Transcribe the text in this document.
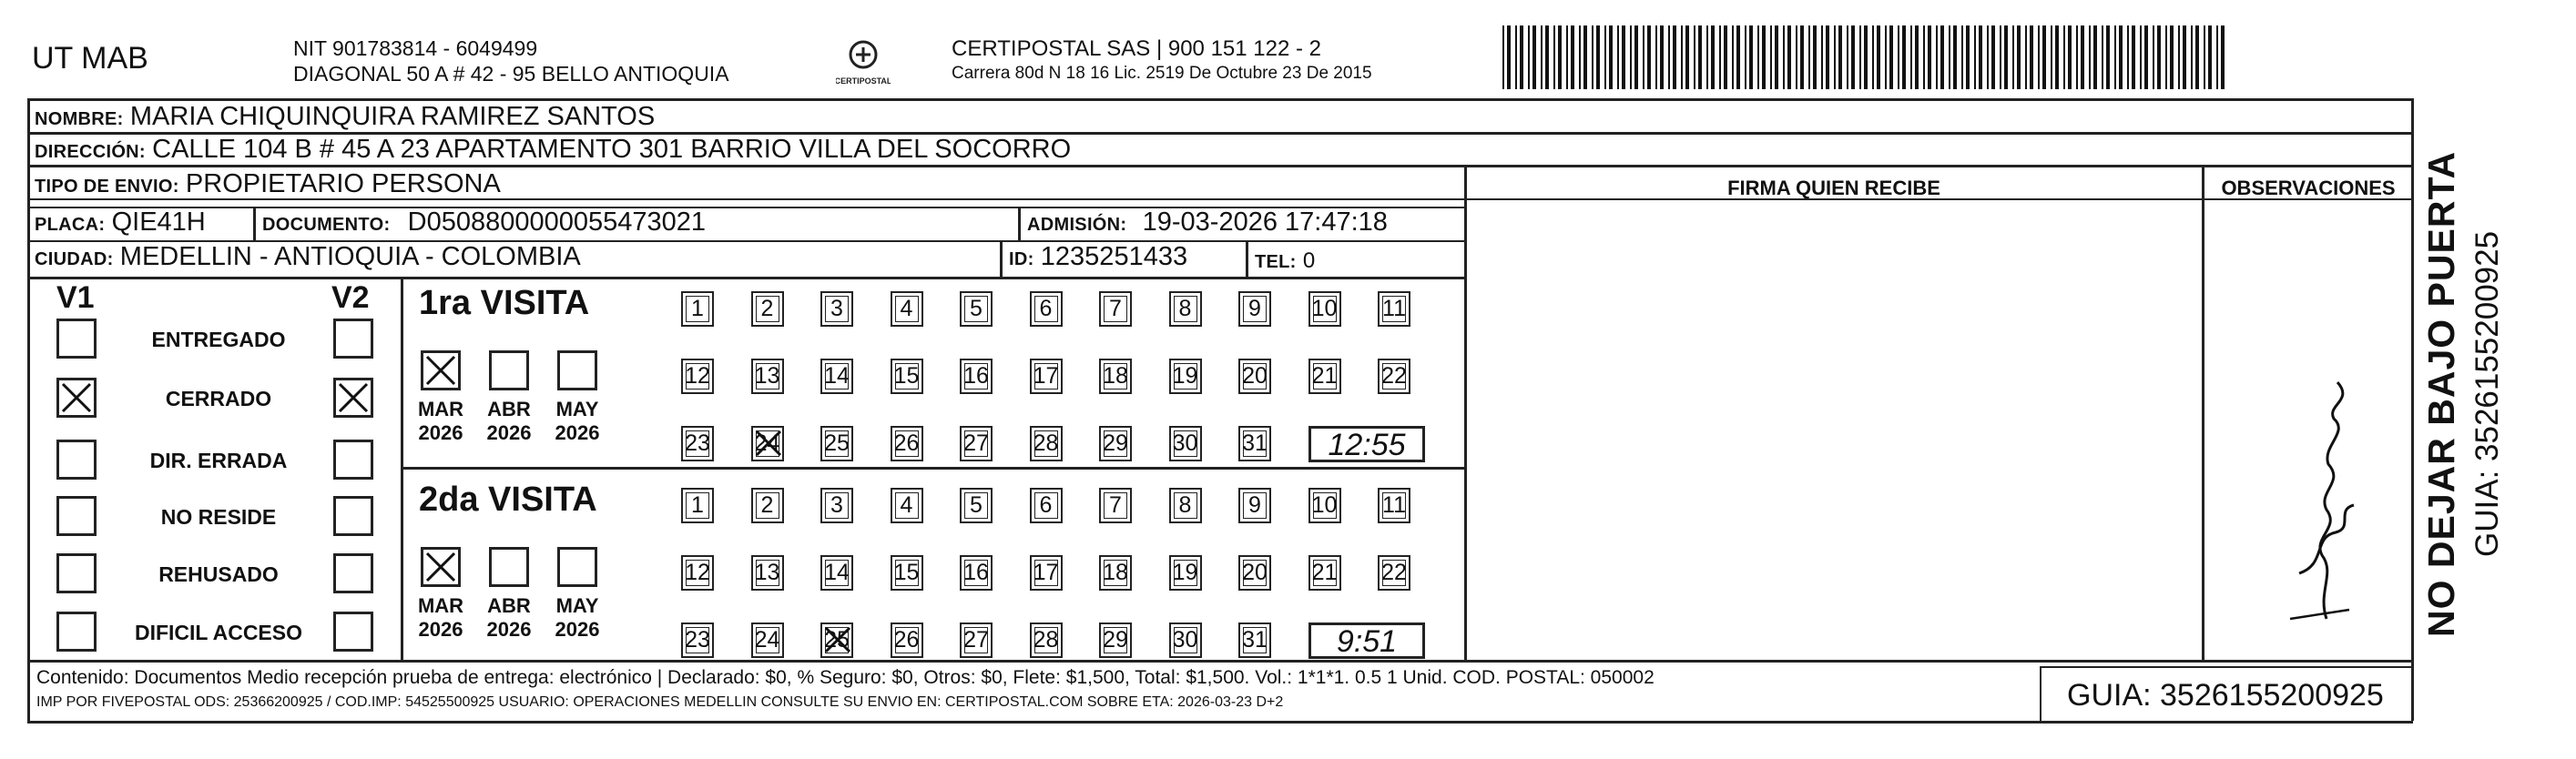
UT MAB	NIT 901783814 - 6049499
DIAGONAL 50 A # 42 - 95 BELLO ANTIOQUIA	CERTIPOSTAL
CERTIPOSTAL SAS | 900 151 122 - 2
Carrera 80d N 18 16 Lic. 2519 De Octubre 23 De 2015
NOMBRE: MARIA CHIQUINQUIRA RAMIREZ SANTOS
DIRECCIÓN: CALLE 104 B # 45 A 23 APARTAMENTO 301 BARRIO VILLA DEL SOCORRO
TIPO DE ENVIO: PROPIETARIO PERSONA
PLACA: QIE41H	DOCUMENTO: D0508800000055473021	ADMISIÓN: 19-03-2026 17:47:18
CIUDAD: MEDELLIN - ANTIOQUIA - COLOMBIA	ID: 1235251433	TEL: 0
FIRMA QUIEN RECIBE	OBSERVACIONES
V1	V2
ENTREGADO
CERRADO
DIR. ERRADA
NO RESIDE
REHUSADO
DIFICIL ACCESO
1ra VISITA
MAR
2026
ABR
2026
MAY
2026
1	2	3	4	5	6	7	8	9	10 11
12 13 14 15 16 17 18 19 20 21 22
23 24 25 26 27 28 29 30 31	12:55
2da VISITA
MAR
2026
ABR
2026
MAY
2026
1	2	3	4	5	6	7	8	9	10 11
12 13 14 15 16 17 18 19 20 21 22
23 24 25 26 27 28 29 30 31	9:51
NO DEJAR BAJO PUERTA GUIA: 3526155200925
Contenido: Documentos Medio recepción prueba de entrega: electrónico | Declarado: $0, % Seguro: $0, Otros: $0, Flete: $1,500, Total: $1,500. Vol.: 1*1*1. 0.5 1 Unid. COD. POSTAL: 050002
IMP POR FIVEPOSTAL ODS: 25366200925 / COD.IMP: 54525500925 USUARIO: OPERACIONES MEDELLIN CONSULTE SU ENVIO EN: CERTIPOSTAL.COM SOBRE ETA: 2026-03-23 D+2	GUIA: 3526155200925
